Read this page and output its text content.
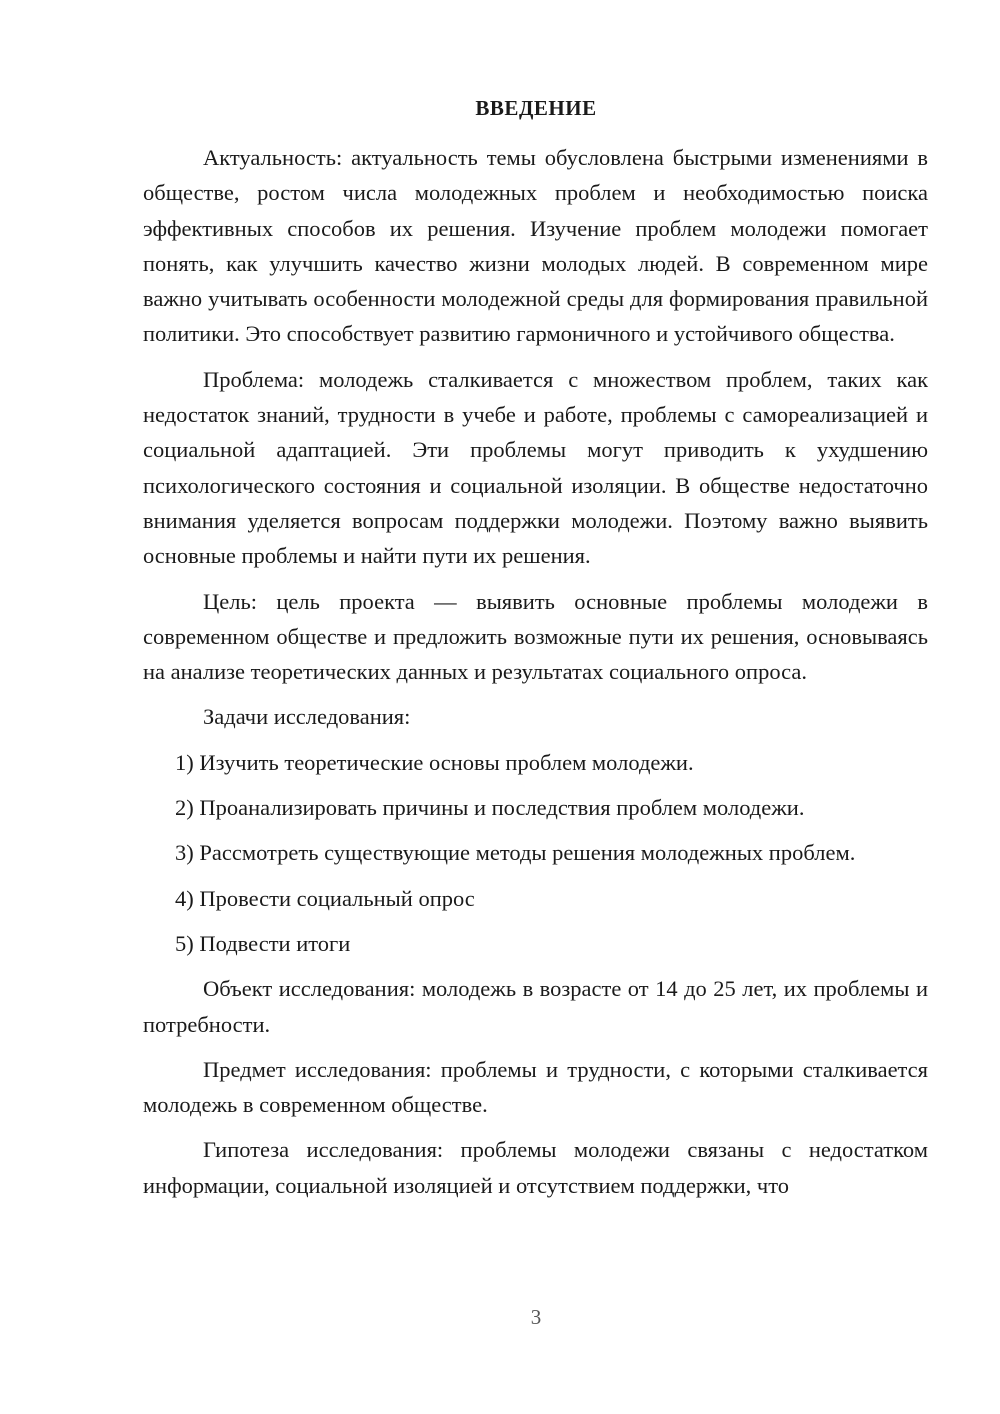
ВВЕДЕНИЕ

Актуальность: актуальность темы обусловлена быстрыми изменениями в обществе, ростом числа молодежных проблем и необходимостью поиска эффективных способов их решения. Изучение проблем молодежи помогает понять, как улучшить качество жизни молодых людей. В современном мире важно учитывать особенности молодежной среды для формирования правильной политики. Это способствует развитию гармоничного и устойчивого общества.

Проблема: молодежь сталкивается с множеством проблем, таких как недостаток знаний, трудности в учебе и работе, проблемы с самореализацией и социальной адаптацией. Эти проблемы могут приводить к ухудшению психологического состояния и социальной изоляции. В обществе недостаточно внимания уделяется вопросам поддержки молодежи. Поэтому важно выявить основные проблемы и найти пути их решения.

Цель: цель проекта — выявить основные проблемы молодежи в современном обществе и предложить возможные пути их решения, основываясь на анализе теоретических данных и результатах социального опроса.

Задачи исследования:
1) Изучить теоретические основы проблем молодежи.
2) Проанализировать причины и последствия проблем молодежи.
3) Рассмотреть существующие методы решения молодежных проблем.
4) Провести социальный опрос
5) Подвести итоги

Объект исследования: молодежь в возрасте от 14 до 25 лет, их проблемы и потребности.

Предмет исследования: проблемы и трудности, с которыми сталкивается молодежь в современном обществе.

Гипотеза исследования: проблемы молодежи связаны с недостатком информации, социальной изоляцией и отсутствием поддержки, что

3
